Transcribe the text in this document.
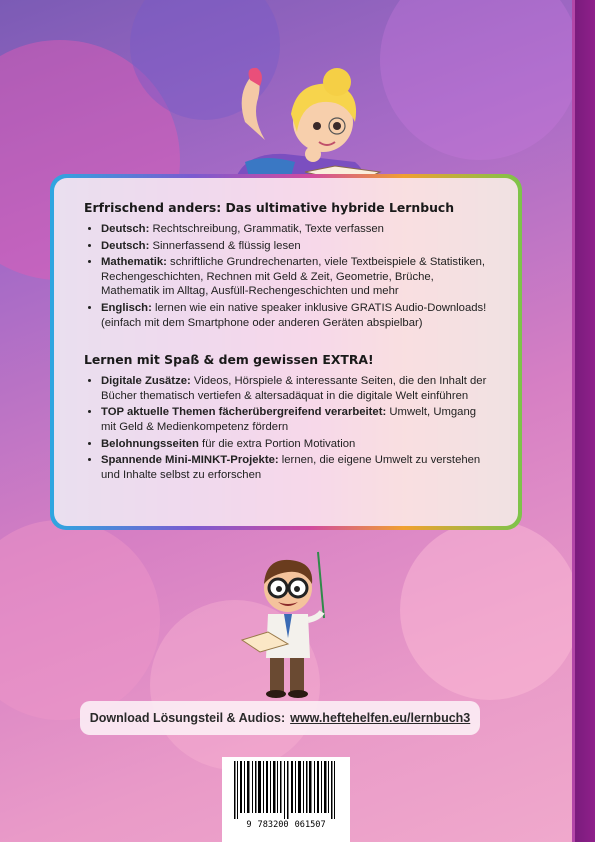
Erfrischend anders: Das ultimative hybride Lernbuch
• Deutsch: Rechtschreibung, Grammatik, Texte verfassen
• Deutsch: Sinnerfassend & flüssig lesen
• Mathematik: schriftliche Grundrechenarten, viele Textbeispiele & Statistiken, Rechengeschichten, Rechnen mit Geld & Zeit, Geometrie, Brüche, Mathematik im Alltag, Ausfüll-Rechengeschichten und mehr
• Englisch: lernen wie ein native speaker inklusive GRATIS Audio-Downloads! (einfach mit dem Smartphone oder anderen Geräten abspielbar)
Lernen mit Spaß & dem gewissen EXTRA!
• Digitale Zusätze: Videos, Hörspiele & interessante Seiten, die den Inhalt der Bücher thematisch vertiefen & altersadäquat in die digitale Welt einführen
• TOP aktuelle Themen fächerübergreifend verarbeitet: Umwelt, Umgang mit Geld & Medienkompetenz fördern
• Belohnungsseiten für die extra Portion Motivation
• Spannende Mini-MINKT-Projekte: lernen, die eigene Umwelt zu verstehen und Inhalte selbst zu erforschen
Download Lösungsteil & Audios: www.heftehelfen.eu/lernbuch3
9 783200 061507
